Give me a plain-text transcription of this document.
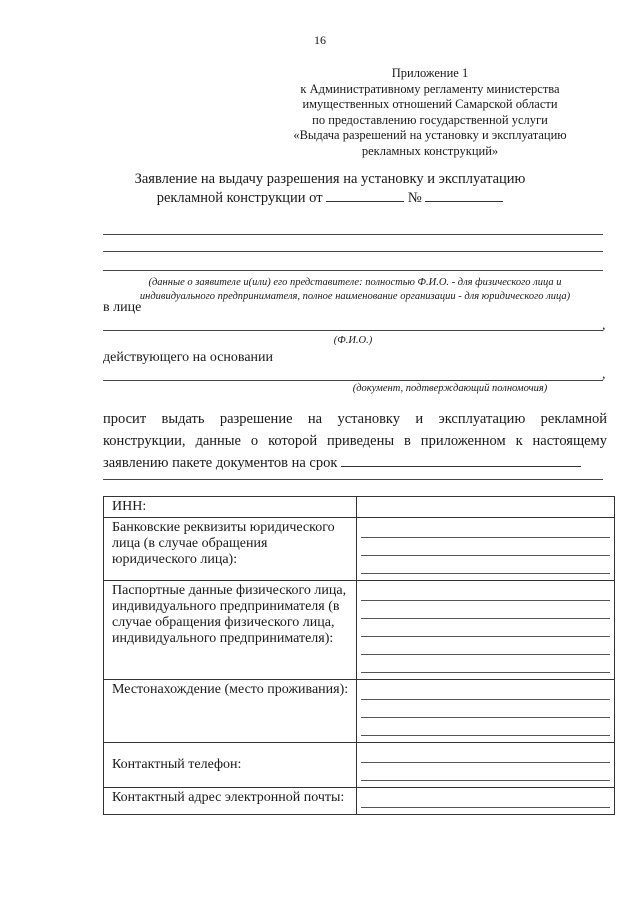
16
Приложение 1
к Административному регламенту министерства
имущественных отношений Самарской области
по предоставлению государственной услуги
«Выдача разрешений на установку и эксплуатацию
рекламных конструкций»
Заявление на выдачу разрешения на установку и эксплуатацию
рекламной конструкции от	№
(данные о заявителе и(или) его представителе: полностью Ф.И.О. - для физического лица и
индивидуального предпринимателя, полное наименование организации - для юридического лица)
в лице
,
(Ф.И.О.)
действующего на основании
,
(документ, подтверждающий полномочия)
просит выдать разрешение на установку и эксплуатацию рекламной конструкции, данные о которой приведены в приложенном к настоящему заявлению пакете документов на срок
ИНН:	
Банковские реквизиты юридического лица (в случае обращения юридического лица):	

Паспортные данные физического лица, индивидуального предпринимателя (в случае обращения физического лица, индивидуального предпринимателя):	

Местонахождение (место проживания):	

Контактный телефон:	

Контактный адрес электронной почты:	
